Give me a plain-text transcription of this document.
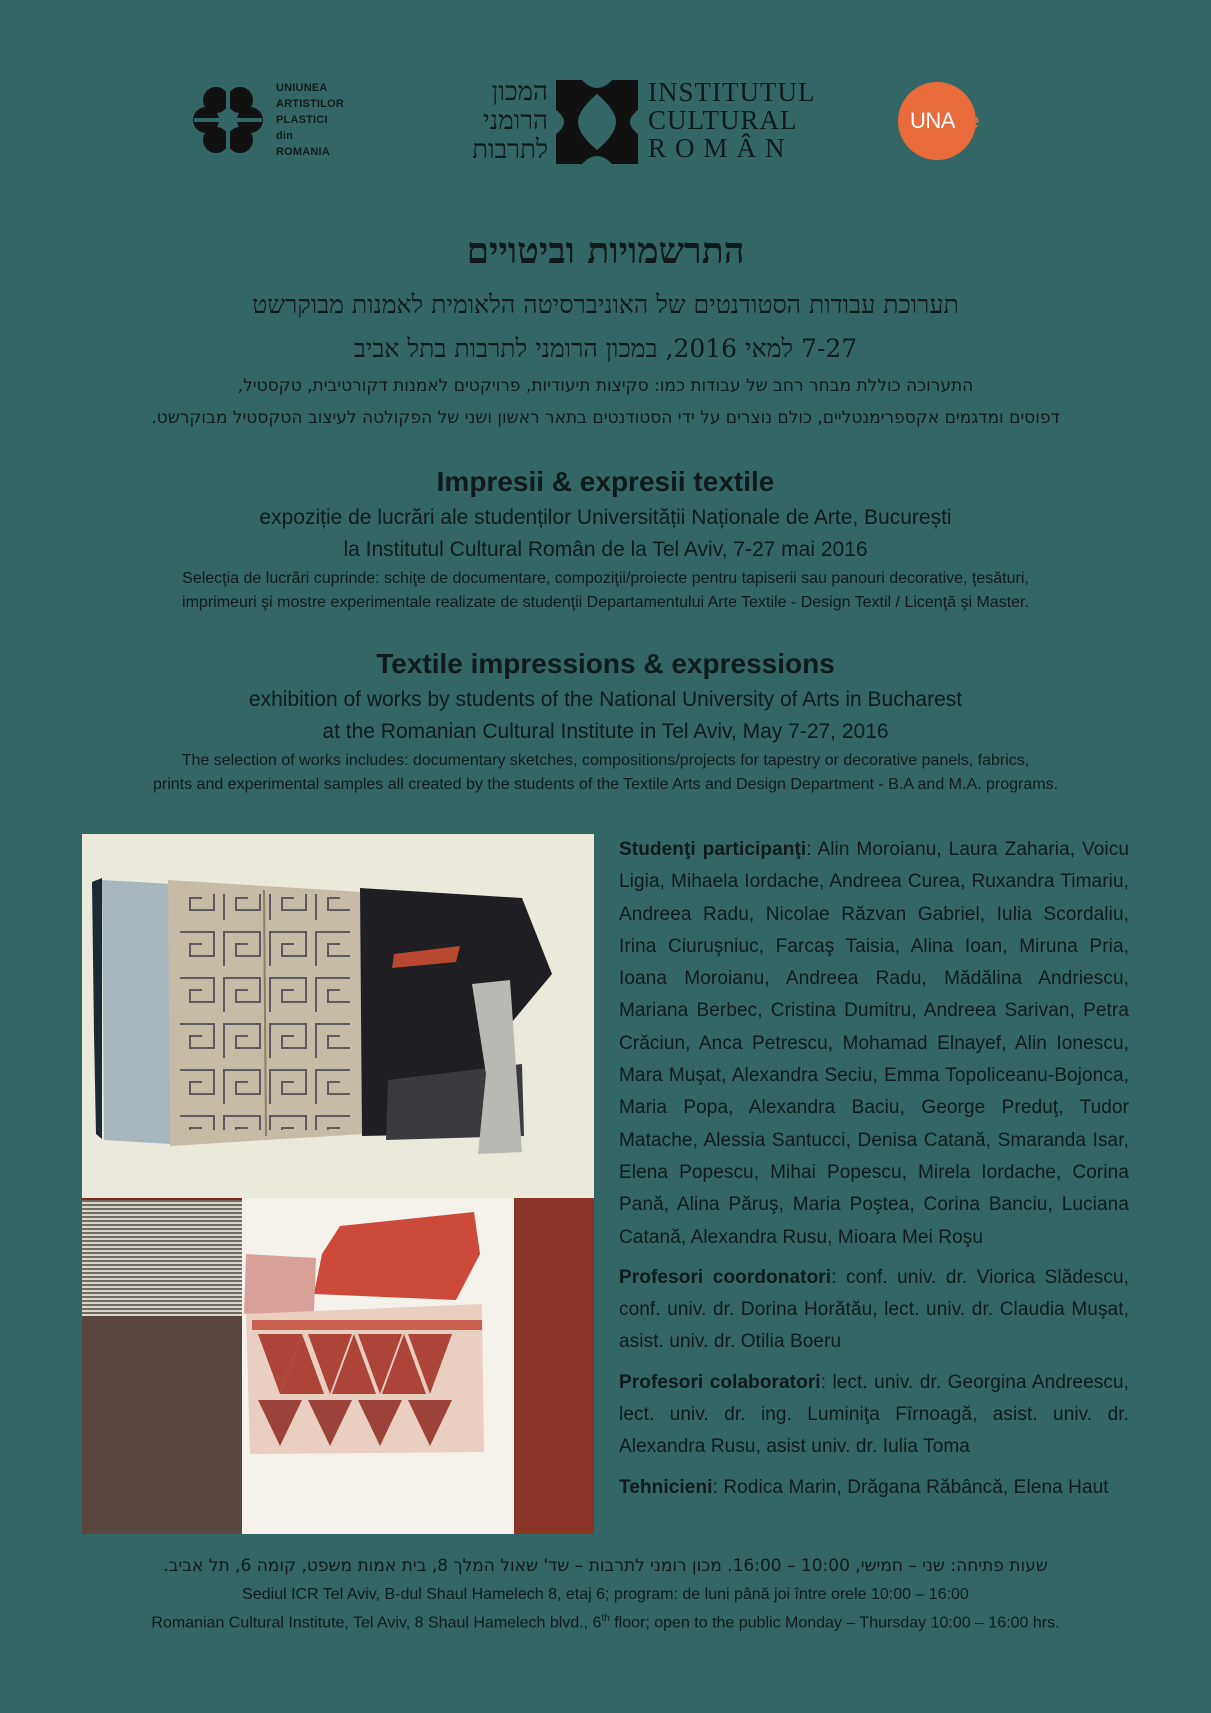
UNIUNEA
ARTISTILOR
PLASTICI
din
ROMANIA
המכון
הרומני
לתרבות
INSTITUTUL
CULTURAL
ROMÂN
UNArte
התרשמויות וביטויים
תערוכת עבודות הסטודנטים של האוניברסיטה הלאומית לאמנות מבוקרשט
7-27 למאי 2016, במכון הרומני לתרבות בתל אביב
התערוכה כוללת מבחר רחב של עבודות כמו: סקיצות תיעודיות, פרויקטים לאמנות דקורטיבית, טקסטיל,
דפוסים ומדגמים אקספרימנטליים, כולם נוצרים על ידי הסטודנטים בתאר ראשון ושני של הפקולטה לעיצוב הטקסטיל מבוקרשט.
Impresii & expresii textile
expoziție de lucrări ale studenților Universității Naționale de Arte, București
la Institutul Cultural Român de la Tel Aviv, 7-27 mai 2016
Selecţia de lucrări cuprinde: schiţe de documentare, compoziţii/proiecte pentru tapiserii sau panouri decorative, ţesături,
imprimeuri şi mostre experimentale realizate de studenţii Departamentului Arte Textile - Design Textil / Licenţă şi Master.
Textile impressions & expressions
exhibition of works by students of the National University of Arts in Bucharest
at the Romanian Cultural Institute in Tel Aviv, May 7-27, 2016
The selection of works includes: documentary sketches, compositions/projects for tapestry or decorative panels, fabrics,
prints and experimental samples all created by the students of the Textile Arts and Design Department - B.A and M.A. programs.

Studenţi participanţi: Alin Moroianu, Laura Zaharia, Voicu Ligia, Mihaela Iordache, Andreea Curea, Ruxandra Timariu, Andreea Radu, Nicolae Răzvan Gabriel, Iulia Scordaliu, Irina Ciuruşniuc, Farcaş Taisia, Alina Ioan, Miruna Pria, Ioana Moroianu, Andreea Radu, Mădălina Andriescu, Mariana Berbec, Cristina Dumitru, Andreea Sarivan, Petra Crăciun, Anca Petrescu, Mohamad Elnayef, Alin Ionescu, Mara Muşat, Alexandra Seciu, Emma Topoliceanu-Bojonca, Maria Popa, Alexandra Baciu, George Preduţ, Tudor Matache, Alessia Santucci, Denisa Catană, Smaranda Isar, Elena Popescu, Mihai Popescu, Mirela Iordache, Corina Pană, Alina Păruş, Maria Poştea, Corina Banciu, Luciana Catană, Alexandra Rusu, Mioara Mei Roşu

Profesori coordonatori: conf. univ. dr. Viorica Slădescu, conf. univ. dr. Dorina Horătău, lect. univ. dr. Claudia Muşat, asist. univ. dr. Otilia Boeru

Profesori colaboratori: lect. univ. dr. Georgina Andreescu, lect. univ. dr. ing. Luminiţa Fîrnoagă, asist. univ. dr. Alexandra Rusu, asist univ. dr. Iulia Toma

Tehnicieni: Rodica Marin, Drăgana Răbâncă, Elena Haut

שעות פתיחה: שני – חמישי, 10:00 – 16:00. מכון רומני לתרבות – שד' שאול המלך 8, בית אמות משפט, קומה 6, תל אביב.
Sediul ICR Tel Aviv, B-dul Shaul Hamelech 8, etaj 6; program: de luni până joi între orele 10:00 – 16:00
Romanian Cultural Institute, Tel Aviv, 8 Shaul Hamelech blvd., 6th floor; open to the public Monday – Thursday 10:00 – 16:00 hrs.
